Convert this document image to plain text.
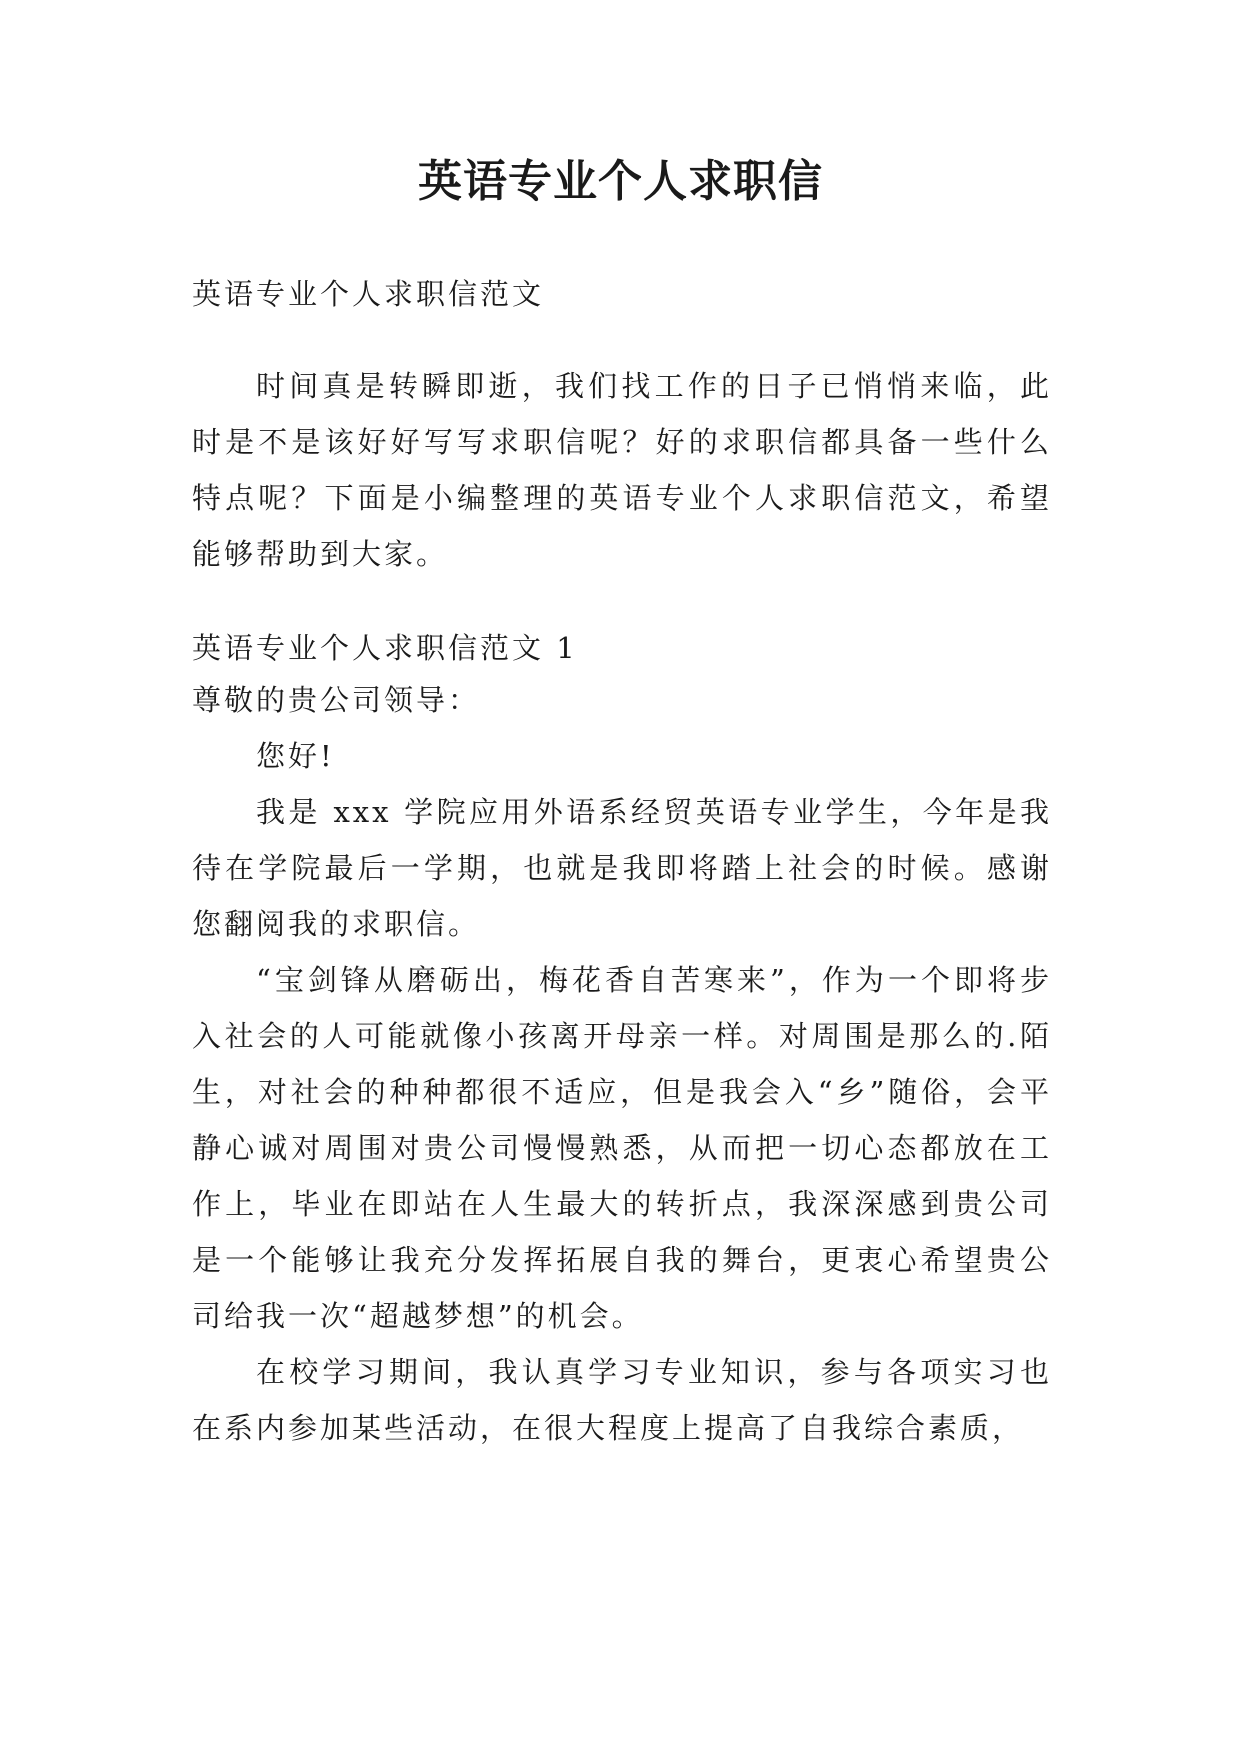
英语专业个人求职信

英语专业个人求职信范文

时间真是转瞬即逝，我们找工作的日子已悄悄来临，此时是不是该好好写写求职信呢？好的求职信都具备一些什么特点呢？下面是小编整理的英语专业个人求职信范文，希望能够帮助到大家。

英语专业个人求职信范文 1

尊敬的贵公司领导：

您好!

我是 xxx 学院应用外语系经贸英语专业学生，今年是我待在学院最后一学期，也就是我即将踏上社会的时候。感谢您翻阅我的求职信。

“宝剑锋从磨砺出，梅花香自苦寒来”，作为一个即将步入社会的人可能就像小孩离开母亲一样。对周围是那么的.陌生，对社会的种种都很不适应，但是我会入“乡”随俗，会平静心诚对周围对贵公司慢慢熟悉，从而把一切心态都放在工作上，毕业在即站在人生最大的转折点，我深深感到贵公司是一个能够让我充分发挥拓展自我的舞台，更衷心希望贵公司给我一次“超越梦想”的机会。

在校学习期间，我认真学习专业知识，参与各项实习也在系内参加某些活动，在很大程度上提高了自我综合素质，
